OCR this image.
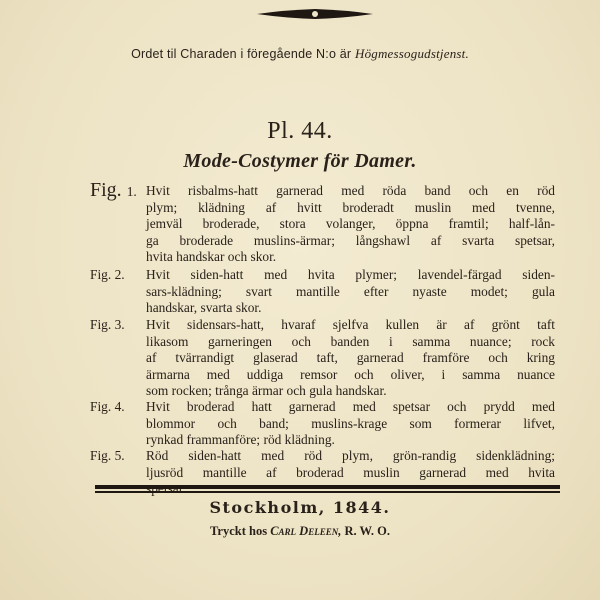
Ordet til Charaden i föregående N:o är Högmessogudstjenst.
Pl. 44.
Mode-Costymer för Damer.
Fig. 1. Hvit risbalms-hatt garnerad med röda band och en röd
plym; klädning af hvitt broderadt muslin med tvenne,
jemväl broderade, stora volanger, öppna framtil; half-lån-
ga broderade muslins-ärmar; långshawl af svarta spetsar,
hvita handskar och skor.
Fig. 2.	Hvit siden-hatt med hvita plymer; lavendel-färgad siden-
sars-klädning; svart mantille efter nyaste modet; gula
handskar, svarta skor.
Fig. 3.	Hvit sidensars-hatt, hvaraf sjelfva kullen är af grönt taft
likasom garneringen och banden i samma nuance; rock
af tvärrandigt glaserad taft, garnerad framföre och kring
ärmarna med uddiga remsor och oliver, i samma nuance
som rocken; trånga ärmar och gula handskar.
Fig. 4.	Hvit broderad hatt garnerad med spetsar och prydd med
blommor och band; muslins-krage som formerar lifvet,
rynkad frammanföre; röd klädning.
Fig. 5.	Röd siden-hatt med röd plym, grön-randig sidenklädning;
ljusröd mantille af broderad muslin garnerad med hvita
Stockholm, 1844.
Tryckt hos Carl Deleen, R. W. O.
